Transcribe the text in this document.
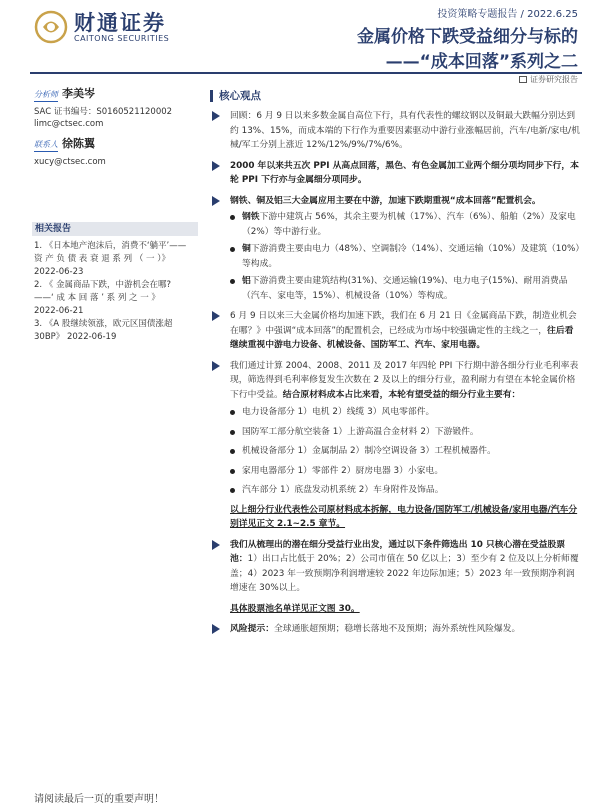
财通证券
CAITONG SECURITIES
投资策略专题报告 / 2022.6.25
金属价格下跌受益细分与标的
——“成本回落”系列之二
证券研究报告
分析师 李美岑
SAC 证书编号：S0160521120002
limc@ctsec.com
联系人 徐陈翼
xucy@ctsec.com
相关报告
1. 《日本地产泡沫后，消费不‘躺平’——
资 产 负 债 表 衰 退 系 列 （ 一 ）》
2022-06-23
2. 《 金属商品下跌，中游机会在哪?
——‘ 成 本 回 落 ’ 系 列 之 一 》
2022-06-21
3. 《A 股继续领涨，欧元区国债涨超
30BP》 2022-06-19
核心观点
回顾：6 月 9 日以来多数金属自高位下行，具有代表性的螺纹钢以及铜最大跌幅分别达到约 13%、15%，而成本端的下行作为重要因素驱动中游行业涨幅居前，汽车/电新/家电/机械/军工分别上涨近 12%/12%/9%/7%/6%。
2000 年以来共五次 PPI 从高点回落，黑色、有色金属加工业两个细分项均同步下行，本轮 PPI 下行亦与金属细分项同步。
钢铁、铜及铝三大金属应用主要在中游，加速下跌期重视“成本回落”配置机会。
钢铁下游中建筑占 56%，其余主要为机械（17%）、汽车（6%）、船舶（2%）及家电（2%）等中游行业。
铜下游消费主要由电力（48%）、空调制冷（14%）、交通运输（10%）及建筑（10%）等构成。
铝下游消费主要由建筑结构(31%)、交通运输(19%)、电力电子(15%)、耐用消费品（汽车、家电等，15%）、机械设备（10%）等构成。
6 月 9 日以来三大金属价格均加速下跌，我们在 6 月 21 日《金属商品下跌，制造业机会在哪？》中强调“成本回落”的配置机会，已经成为市场中较强确定性的主线之一，往后看继续重视中游电力设备、机械设备、国防军工、汽车、家用电器。
我们通过计算 2004、2008、2011 及 2017 年四轮 PPI 下行期中游各细分行业毛利率表现，筛选得到毛利率修复发生次数在 2 及以上的细分行业，盈利耐力有望在本轮金属价格下行中受益。结合原材料成本占比来看，本轮有望受益的细分行业主要有：
电力设备部分 1）电机 2）线缆 3）风电零部件。
国防军工部分航空装备 1）上游高温合金材料 2）下游锻件。
机械设备部分 1）金属制品 2）制冷空调设备 3）工程机械器件。
家用电器部分 1）零部件 2）厨房电器 3）小家电。
汽车部分 1）底盘发动机系统 2）车身附件及饰品。
以上细分行业代表性公司原材料成本拆解，电力设备/国防军工/机械设备/家用电器/汽车分别详见正文 2.1~2.5 章节。
我们从梳理出的潜在细分受益行业出发，通过以下条件筛选出 10 只核心潜在受益股票池：1）出口占比低于 20%；2）公司市值在 50 亿以上；3）至少有 2 位及以上分析师覆盖；4）2023 年一致预期净利润增速较 2022 年边际加速；5）2023 年一致预期净利润增速在 30%以上。
具体股票池名单详见正文图 30。
风险提示：全球通胀超预期；稳增长落地不及预期；海外系统性风险爆发。
请阅读最后一页的重要声明！
